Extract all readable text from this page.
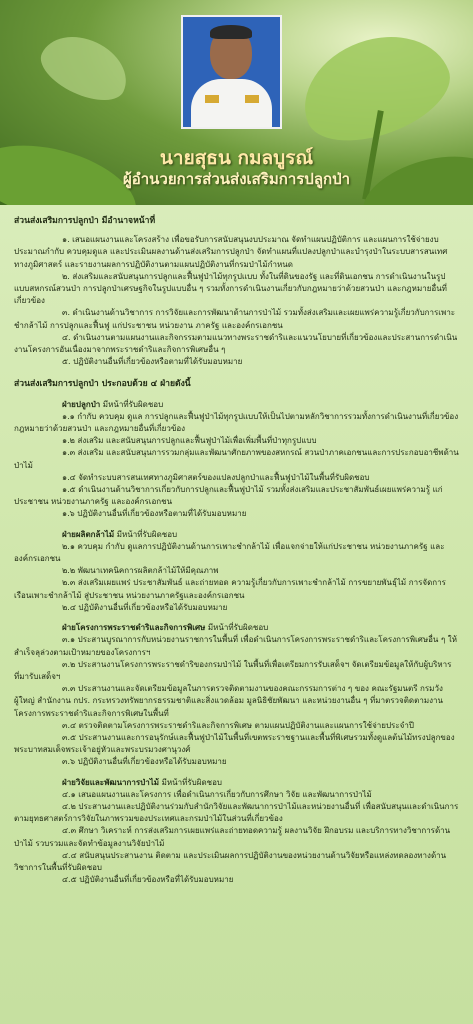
นายสุธน กมลบูรณ์
ผู้อำนวยการส่วนส่งเสริมการปลูกป่า
ส่วนส่งเสริมการปลูกป่า มีอำนาจหน้าที่
๑. เสนอแผนงานและโครงสร้าง เพื่อขอรับการสนับสนุนงบประมาณ จัดทำแผนปฏิบัติการ และแผนการใช้จ่ายงบประมาณกำกับ ควบคุมดูแล และประเมินผลงานด้านส่งเสริมการปลูกป่า จัดทำแผนที่แปลงปลูกป่าและบำรุงป่าในระบบสารสนเทศทางภูมิศาสตร์ และรายงานผลการปฏิบัติงานตามแผนปฏิบัติงานที่กรมป่าไม้กำหนด
๒. ส่งเสริมและสนับสนุนการปลูกและฟื้นฟูป่าไม้ทุกรูปแบบ ทั้งในที่ดินของรัฐ และที่ดินเอกชน การดำเนินงานในรูปแบบสหกรณ์สวนป่า การปลูกป่าเศรษฐกิจในรูปแบบอื่น ๆ รวมทั้งการดำเนินงานเกี่ยวกับกฎหมายว่าด้วยสวนป่า และกฎหมายอื่นที่เกี่ยวข้อง
๓. ดำเนินงานด้านวิชาการ การวิจัยและการพัฒนาด้านการป่าไม้ รวมทั้งส่งเสริมและเผยแพร่ความรู้เกี่ยวกับการเพาะชำกล้าไม้ การปลูกและฟื้นฟู แก่ประชาชน หน่วยงาน ภาครัฐ และองค์กรเอกชน
๔. ดำเนินงานตามแผนงานและกิจกรรมตามแนวทางพระราชดำริและแนวนโยบายที่เกี่ยวข้องและประสานการดำเนินงานโครงการอันเนื่องมาจากพระราชดำริและกิจการพิเศษอื่น ๆ
๕. ปฏิบัติงานอื่นที่เกี่ยวข้องหรือตามที่ได้รับมอบหมาย
ส่วนส่งเสริมการปลูกป่า ประกอบด้วย ๔ ฝ่ายดังนี้
ฝ่ายปลูกป่า มีหน้าที่รับผิดชอบ
๑.๑ กำกับ ควบคุม ดูแล การปลูกและฟื้นฟูป่าไม้ทุกรูปแบบให้เป็นไปตามหลักวิชาการรวมทั้งการดำเนินงานที่เกี่ยวข้อง กฎหมายว่าด้วยสวนป่า และกฎหมายอื่นที่เกี่ยวข้อง
๑.๒ ส่งเสริม และสนับสนุนการปลูกและฟื้นฟูป่าไม้เพื่อเพิ่มพื้นที่ป่าทุกรูปแบบ
๑.๓ ส่งเสริม และสนับสนุนการรวมกลุ่มและพัฒนาศักยภาพของสหกรณ์ สวนป่าภาคเอกชนและการประกอบอาชีพด้านป่าไม้
๑.๔ จัดทำระบบสารสนเทศทางภูมิศาสตร์ของแปลงปลูกป่าและฟื้นฟูป่าไม้ในพื้นที่รับผิดชอบ
๑.๕ ดำเนินงานด้านวิชาการเกี่ยวกับการปลูกและฟื้นฟูป่าไม้ รวมทั้งส่งเสริมและประชาสัมพันธ์เผยแพร่ความรู้ แก่ประชาชน หน่วยงานภาครัฐ และองค์กรเอกชน
๑.๖ ปฏิบัติงานอื่นที่เกี่ยวข้องหรือตามที่ได้รับมอบหมาย
ฝ่ายผลิตกล้าไม้ มีหน้าที่รับผิดชอบ
๒.๑ ควบคุม กำกับ ดูแลการปฏิบัติงานด้านการเพาะชำกล้าไม้ เพื่อแจกจ่ายให้แก่ประชาชน หน่วยงานภาครัฐ และองค์กรเอกชน
๒.๒ พัฒนาเทคนิคการผลิตกล้าไม้ให้มีคุณภาพ
๒.๓ ส่งเสริมเผยแพร่ ประชาสัมพันธ์ และถ่ายทอด ความรู้เกี่ยวกับการเพาะชำกล้าไม้ การขยายพันธุ์ไม้ การจัดการเรือนเพาะชำกล้าไม้ สู่ประชาชน หน่วยงานภาครัฐและองค์กรเอกชน
๒.๔ ปฏิบัติงานอื่นที่เกี่ยวข้องหรือได้รับมอบหมาย
ฝ่ายโครงการพระราชดำริและกิจการพิเศษ มีหน้าที่รับผิดชอบ
๓.๑ ประสานบูรณาการกับหน่วยงานราชการในพื้นที่ เพื่อดำเนินการโครงการพระราชดำริและโครงการพิเศษอื่น ๆ ให้สำเร็จลุล่วงตามเป้าหมายของโครงการฯ
๓.๒ ประสานงานโครงการพระราชดำริของกรมป่าไม้ ในพื้นที่เพื่อเตรียมการรับเสด็จฯ จัดเตรียมข้อมูลให้กับผู้บริหารที่มารับเสด็จฯ
๓.๓ ประสานงานและจัดเตรียมข้อมูลในการตรวจติดตามงานของคณะกรรมการต่าง ๆ ของ คณะรัฐมนตรี กรมวัง ผู้ใหญ่ สำนักงาน กปร. กระทรวงทรัพยากรธรรมชาติและสิ่งแวดล้อม มูลนิธิชัยพัฒนา และหน่วยงานอื่น ๆ ที่มาตรวจติดตามงานโครงการพระราชดำริและกิจการพิเศษในพื้นที่
๓.๔ ตรวจติดตามโครงการพระราชดำริและกิจการพิเศษ ตามแผนปฏิบัติงานและแผนการใช้จ่ายประจำปี
๓.๕ ประสานงานและการอนุรักษ์และฟื้นฟูป่าไม้ในพื้นที่เขตพระราชฐานและพื้นที่พิเศษรวมทั้งดูแลต้นไม้ทรงปลูกของพระบาทสมเด็จพระเจ้าอยู่หัวและพระบรมวงศานุวงศ์
๓.๖ ปฏิบัติงานอื่นที่เกี่ยวข้องหรือได้รับมอบหมาย
ฝ่ายวิจัยและพัฒนาการป่าไม้ มีหน้าที่รับผิดชอบ
๔.๑ เสนอแผนงานและโครงการ เพื่อดำเนินการเกี่ยวกับการศึกษา วิจัย และพัฒนาการป่าไม้
๔.๒ ประสานงานและปฏิบัติงานร่วมกับสำนักวิจัยและพัฒนาการป่าไม้และหน่วยงานอื่นที่ เพื่อสนับสนุนและดำเนินการตามยุทธศาสตร์การวิจัยในภาพรวมของประเทศและกรมป่าไม้ในส่วนที่เกี่ยวข้อง
๔.๓ ศึกษา วิเคราะห์ การส่งเสริมการเผยแพร่และถ่ายทอดความรู้ ผลงานวิจัย ฝึกอบรม และบริการทางวิชาการด้านป่าไม้ รวบรวมและจัดทำข้อมูลงานวิจัยป่าไม้
๔.๔ สนับสนุนประสานงาน ติดตาม และประเมินผลการปฏิบัติงานของหน่วยงานด้านวิจัยหรือแหล่งทดลองทางด้านวิชาการในพื้นที่รับผิดชอบ
๔.๕ ปฏิบัติงานอื่นที่เกี่ยวข้องหรือที่ได้รับมอบหมาย
